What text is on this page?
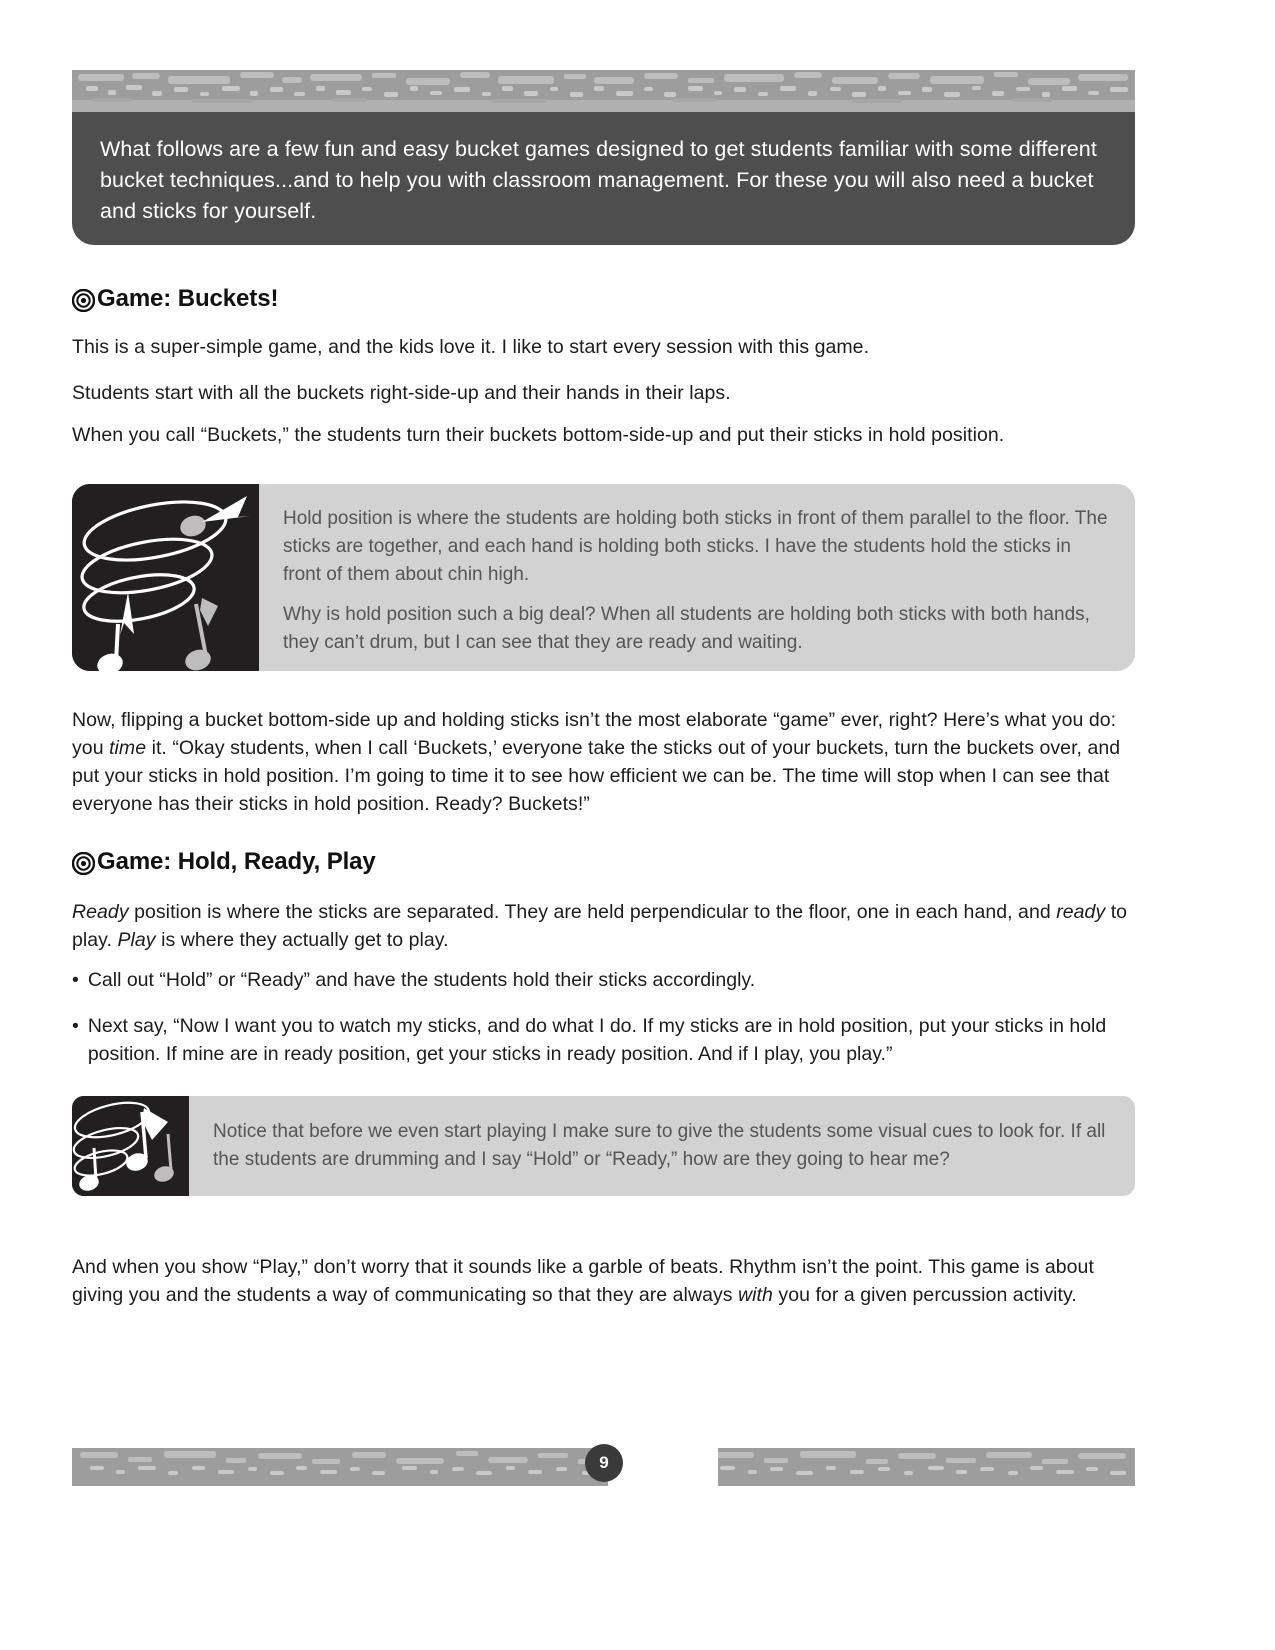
What follows are a few fun and easy bucket games designed to get students familiar with some different bucket techniques...and to help you with classroom management. For these you will also need a bucket and sticks for yourself.
Game: Buckets!
This is a super-simple game, and the kids love it. I like to start every session with this game.
Students start with all the buckets right-side-up and their hands in their laps.
When you call “Buckets,” the students turn their buckets bottom-side-up and put their sticks in hold position.
Hold position is where the students are holding both sticks in front of them parallel to the floor. The sticks are together, and each hand is holding both sticks. I have the students hold the sticks in front of them about chin high.
Why is hold position such a big deal? When all students are holding both sticks with both hands, they can’t drum, but I can see that they are ready and waiting.
Now, flipping a bucket bottom-side up and holding sticks isn’t the most elaborate “game” ever, right? Here’s what you do: you time it. “Okay students, when I call ‘Buckets,’ everyone take the sticks out of your buckets, turn the buckets over, and put your sticks in hold position. I’m going to time it to see how efficient we can be. The time will stop when I can see that everyone has their sticks in hold position. Ready? Buckets!”
Game: Hold, Ready, Play
Ready position is where the sticks are separated. They are held perpendicular to the floor, one in each hand, and ready to play. Play is where they actually get to play.
• Call out “Hold” or “Ready” and have the students hold their sticks accordingly.
• Next say, “Now I want you to watch my sticks, and do what I do. If my sticks are in hold position, put your sticks in hold position. If mine are in ready position, get your sticks in ready position. And if I play, you play.”
Notice that before we even start playing I make sure to give the students some visual cues to look for. If all the students are drumming and I say “Hold” or “Ready,” how are they going to hear me?
And when you show “Play,” don’t worry that it sounds like a garble of beats. Rhythm isn’t the point. This game is about giving you and the students a way of communicating so that they are always with you for a given percussion activity.
9
